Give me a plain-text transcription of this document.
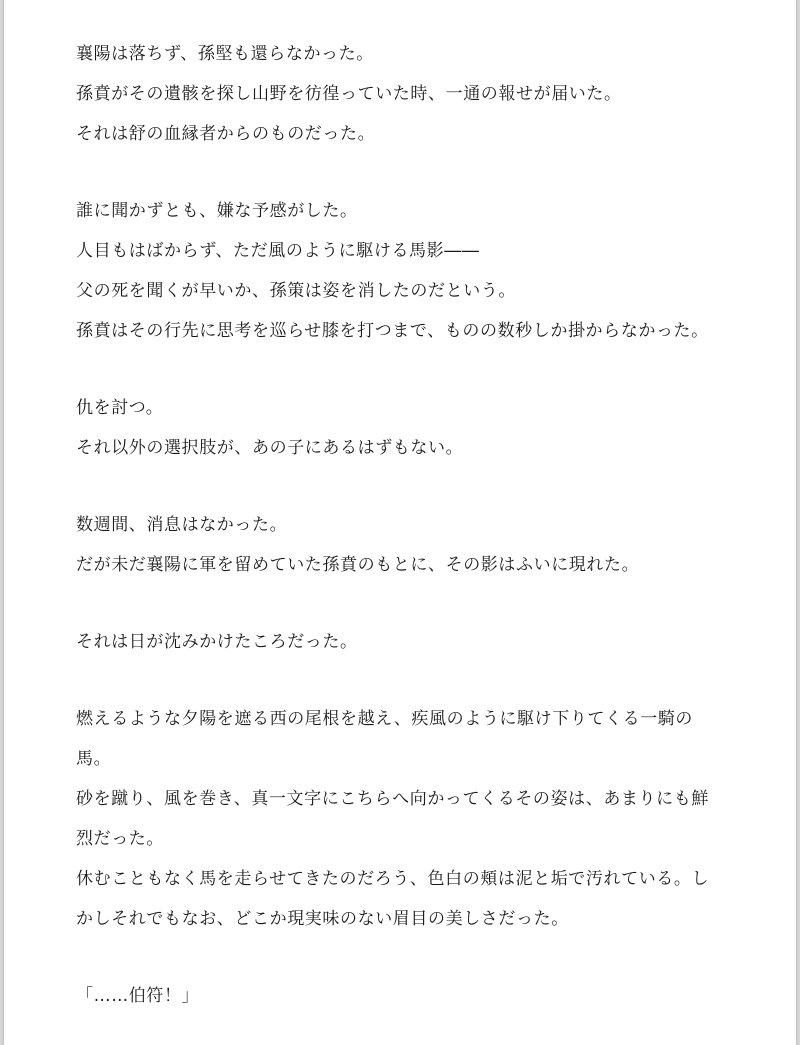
襄陽は落ちず、孫堅も還らなかった。
孫賁がその遺骸を探し山野を彷徨っていた時、一通の報せが届いた。
それは舒の血縁者からのものだった。
誰に聞かずとも、嫌な予感がした。
人目もはばからず、ただ風のように駆ける馬影――
父の死を聞くが早いか、孫策は姿を消したのだという。
孫賁はその行先に思考を巡らせ膝を打つまで、ものの数秒しか掛からなかった。
仇を討つ。
それ以外の選択肢が、あの子にあるはずもない。
数週間、消息はなかった。
だが未だ襄陽に軍を留めていた孫賁のもとに、その影はふいに現れた。
それは日が沈みかけたころだった。
燃えるような夕陽を遮る西の尾根を越え、疾風のように駆け下りてくる一騎の
馬。
砂を蹴り、風を巻き、真一文字にこちらへ向かってくるその姿は、あまりにも鮮
烈だった。
休むこともなく馬を走らせてきたのだろう、色白の頬は泥と垢で汚れている。し
かしそれでもなお、どこか現実味のない眉目の美しさだった。
「……伯符！」
